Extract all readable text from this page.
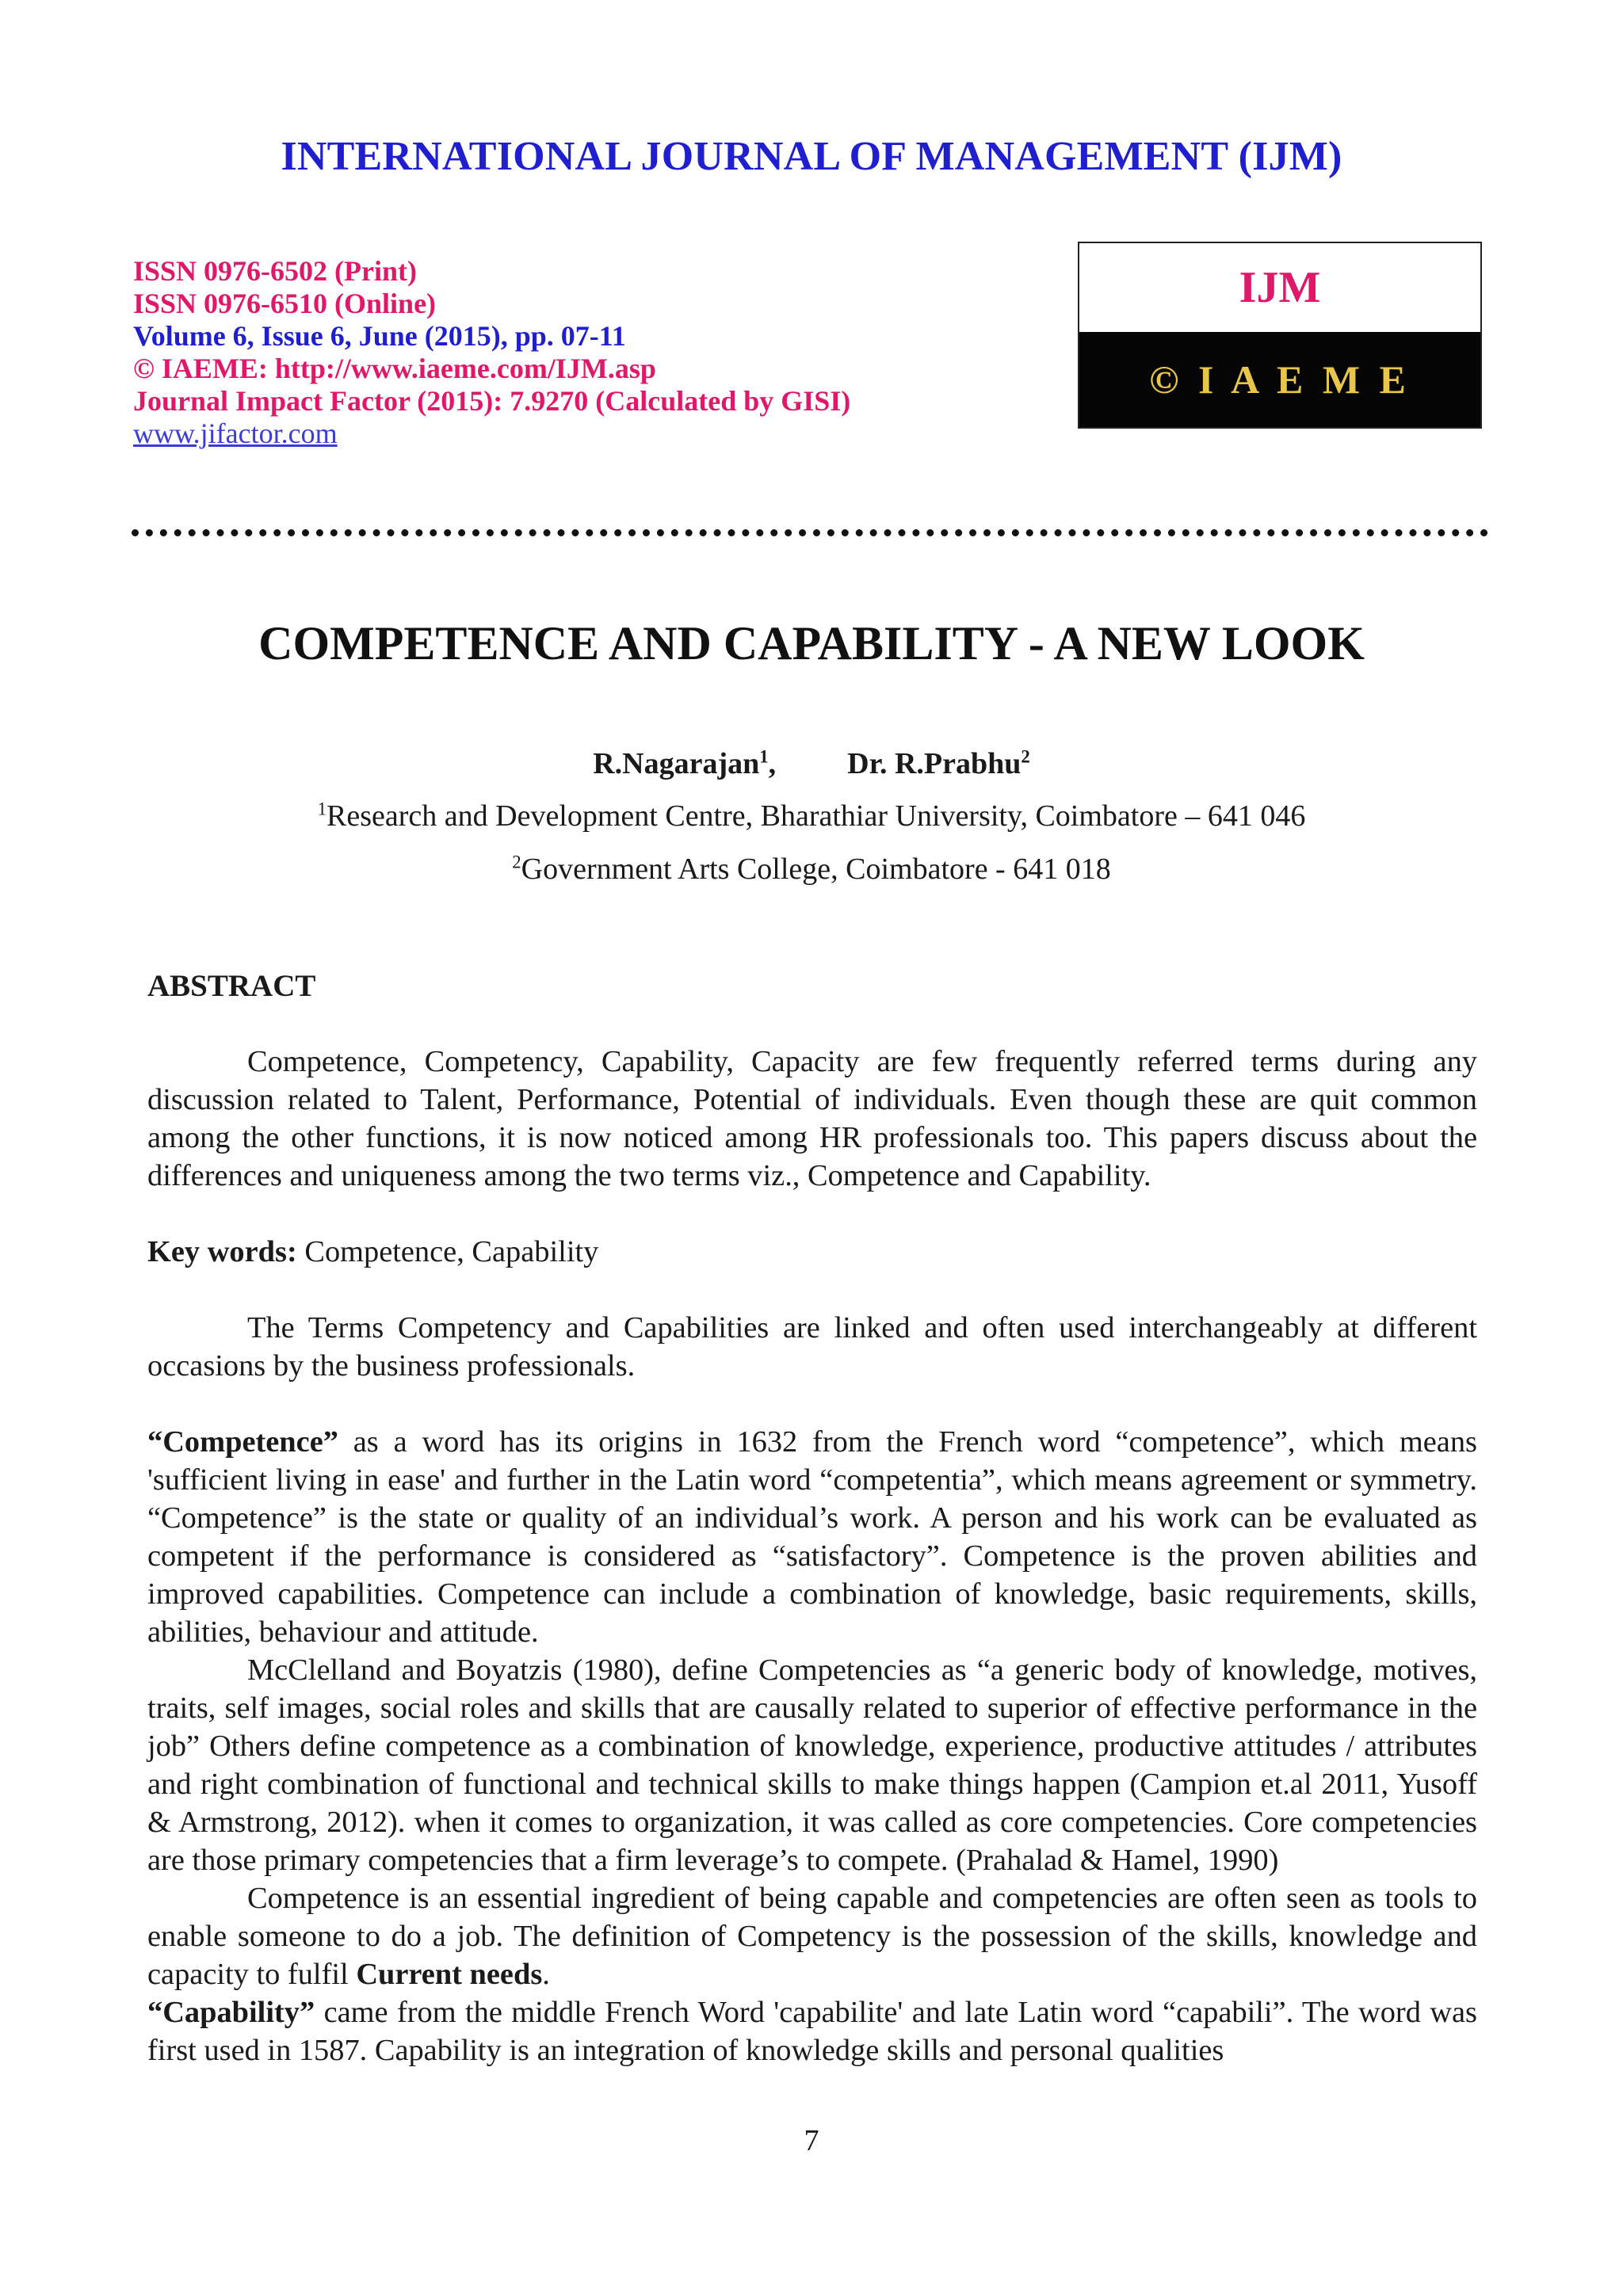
INTERNATIONAL JOURNAL OF MANAGEMENT (IJM)
ISSN 0976-6502 (Print)
ISSN 0976-6510 (Online)
Volume 6, Issue 6, June (2015), pp. 07-11
© IAEME: http://www.iaeme.com/IJM.asp
Journal Impact Factor (2015): 7.9270 (Calculated by GISI)
www.jifactor.com
IJM
© I A E M E
COMPETENCE AND CAPABILITY - A NEW LOOK
R.Nagarajan$^1$, Dr. R.Prabhu$^2$
$^1$Research and Development Centre, Bharathiar University, Coimbatore – 641 046
$^2$Government Arts College, Coimbatore - 641 018
ABSTRACT

Competence, Competency, Capability, Capacity are few frequently referred terms during any discussion related to Talent, Performance, Potential of individuals. Even though these are quit common among the other functions, it is now noticed among HR professionals too. This papers discuss about the differences and uniqueness among the two terms viz., Competence and Capability.

Key words: Competence, Capability

The Terms Competency and Capabilities are linked and often used interchangeably at different occasions by the business professionals.

“Competence” as a word has its origins in 1632 from the French word “competence”, which means 'sufficient living in ease' and further in the Latin word “competentia”, which means agreement or symmetry. “Competence” is the state or quality of an individual’s work. A person and his work can be evaluated as competent if the performance is considered as “satisfactory”. Competence is the proven abilities and improved capabilities. Competence can include a combination of knowledge, basic requirements, skills, abilities, behaviour and attitude.

McClelland and Boyatzis (1980), define Competencies as “a generic body of knowledge, motives, traits, self images, social roles and skills that are causally related to superior of effective performance in the job” Others define competence as a combination of knowledge, experience, productive attitudes / attributes and right combination of functional and technical skills to make things happen (Campion et.al 2011, Yusoff & Armstrong, 2012). when it comes to organization, it was called as core competencies. Core competencies are those primary competencies that a firm leverage’s to compete. (Prahalad & Hamel, 1990)

Competence is an essential ingredient of being capable and competencies are often seen as tools to enable someone to do a job. The definition of Competency is the possession of the skills, knowledge and capacity to fulfil Current needs.

“Capability” came from the middle French Word 'capabilite' and late Latin word “capabili”. The word was first used in 1587. Capability is an integration of knowledge skills and personal qualities

7
